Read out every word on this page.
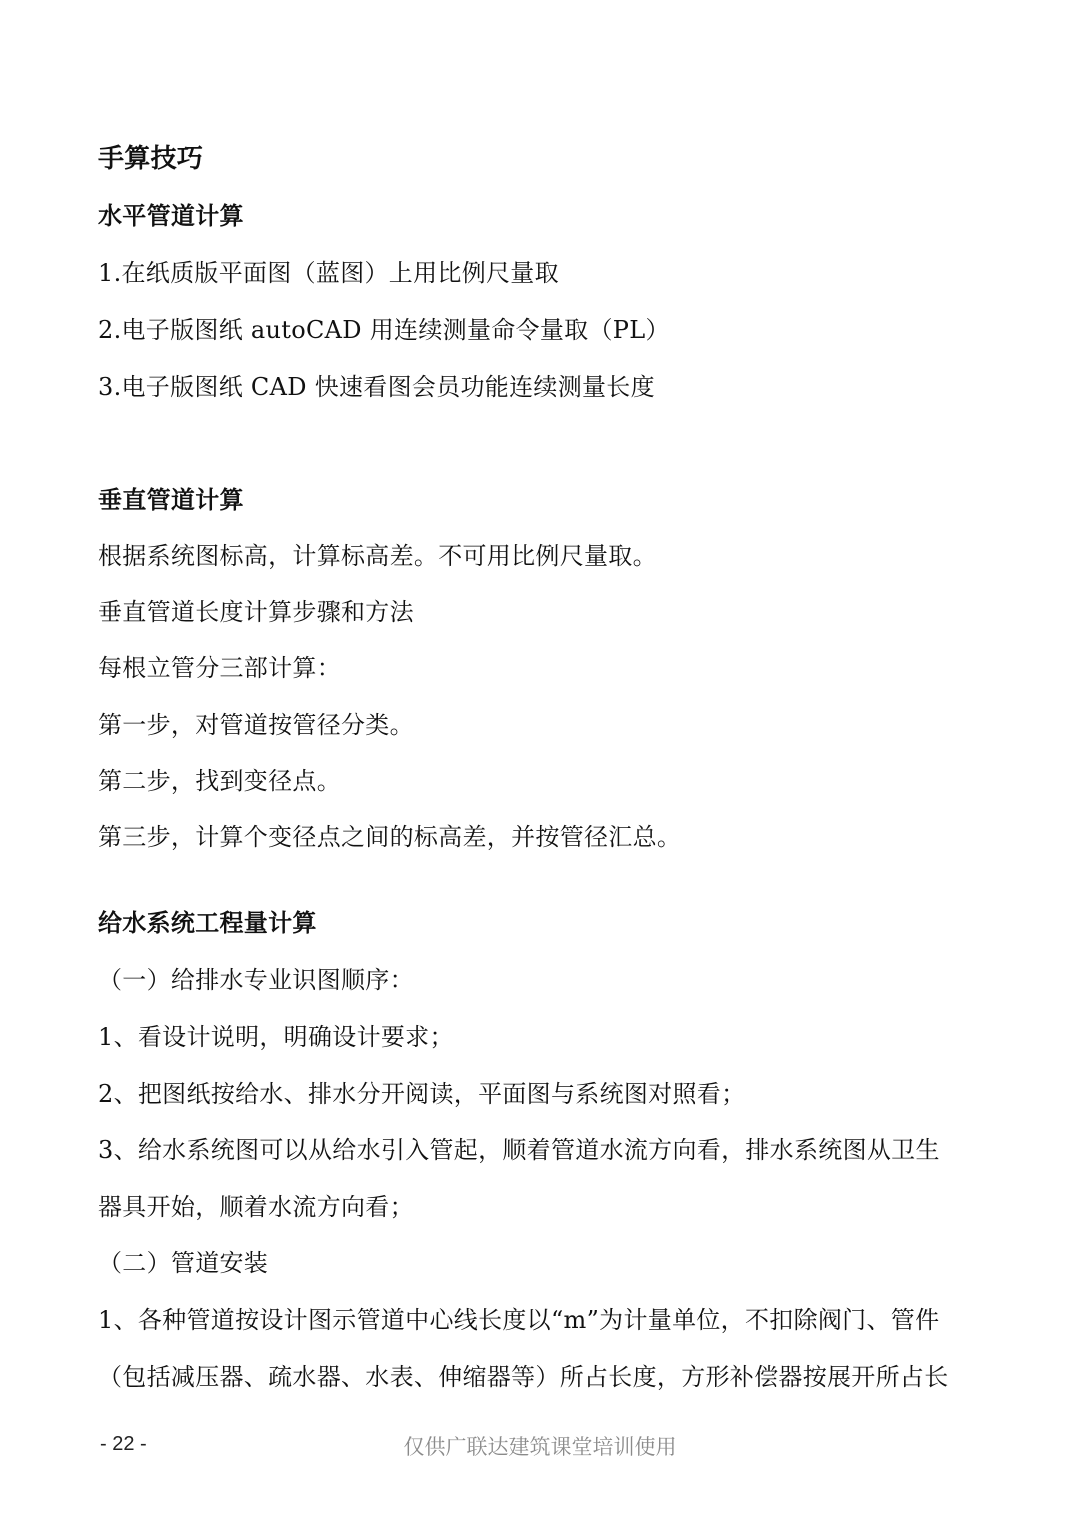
手算技巧
水平管道计算
1.在纸质版平面图（蓝图）上用比例尺量取
2.电子版图纸 autoCAD 用连续测量命令量取（PL）
3.电子版图纸 CAD 快速看图会员功能连续测量长度
垂直管道计算
根据系统图标高，计算标高差。不可用比例尺量取。
垂直管道长度计算步骤和方法
每根立管分三部计算：
第一步，对管道按管径分类。
第二步，找到变径点。
第三步，计算个变径点之间的标高差，并按管径汇总。
给水系统工程量计算
（一）给排水专业识图顺序：
1、看设计说明，明确设计要求；
2、把图纸按给水、排水分开阅读，平面图与系统图对照看；
3、给水系统图可以从给水引入管起，顺着管道水流方向看，排水系统图从卫生
器具开始，顺着水流方向看；
（二）管道安装
1、各种管道按设计图示管道中心线长度以“m”为计量单位，不扣除阀门、管件
（包括减压器、疏水器、水表、伸缩器等）所占长度，方形补偿器按展开所占长
- 22 -	仅供广联达建筑课堂培训使用
